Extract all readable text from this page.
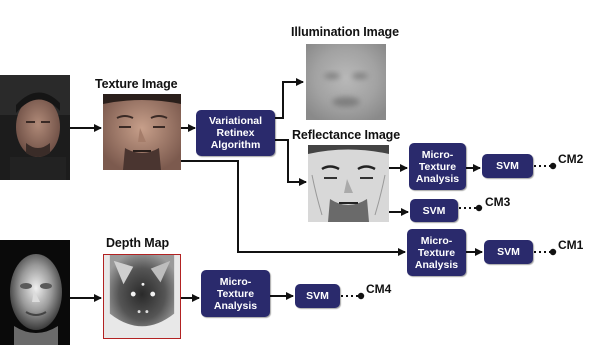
Texture Image
Variational Retinex Algorithm
Illumination Image
Reflectance Image
Micro-Texture Analysis
SVM	CM2
SVM
CM3
Micro-Texture Analysis
SVM	CM1
Depth Map
Micro-Texture Analysis
SVM	CM4
